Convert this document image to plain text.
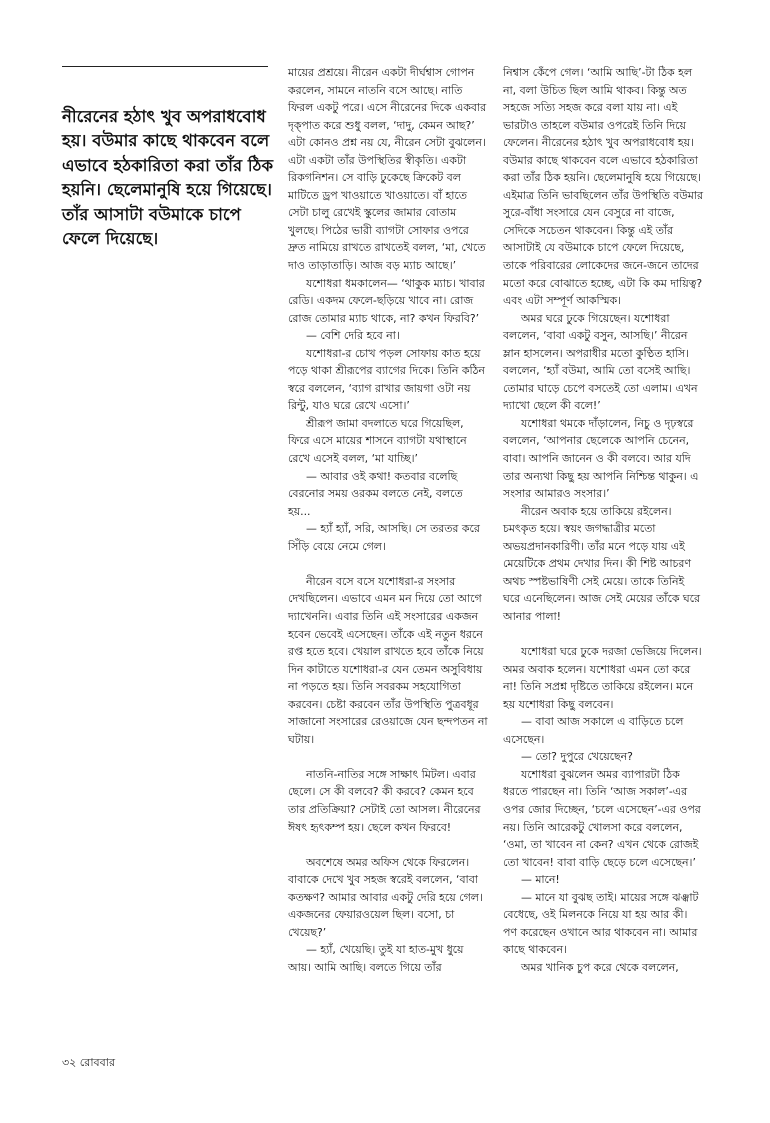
নীরেনের হঠাৎ খুব অপরাধবোধ হয়। বউমার কাছে থাকবেন বলে এভাবে হঠকারিতা করা তাঁর ঠিক হয়নি। ছেলেমানুষি হয়ে গিয়েছে। তাঁর আসাটা বউমাকে চাপে ফেলে দিয়েছে।

মায়ের প্রশ্রয়ে। নীরেন একটা দীর্ঘশ্বাস গোপন করলেন, সামনে নাতনি বসে আছে। নাতি ফিরল একটু পরে। এসে নীরেনের দিকে একবার দৃক্‌পাত করে শুধু বলল, ‘দাদু, কেমন আছ?’ এটা কোনও প্রশ্ন নয় যে, নীরেন সেটা বুঝলেন। এটা একটা তাঁর উপস্থিতির স্বীকৃতি। একটা রিকগনিশন। সে বাড়ি ঢুকেছে ক্রিকেট বল মাটিতে ড্রপ খাওয়াতে খাওয়াতে। বাঁ হাতে সেটা চালু রেখেই স্কুলের জামার বোতাম খুলছে। পিঠের ভারী ব্যাগটা সোফার ওপরে দ্রুত নামিয়ে রাখতে রাখতেই বলল, ‘মা, খেতে দাও তাড়াতাড়ি। আজ বড় ম্যাচ আছে।’

যশোধরা ধমকালেন— ‘থাকুক ম্যাচ। খাবার রেডি। একদম ফেলে-ছড়িয়ে খাবে না। রোজ রোজ তোমার ম্যাচ থাকে, না? কখন ফিরবি?’

— বেশি দেরি হবে না।

যশোধরা-র চোখ পড়ল সোফায় কাত হয়ে পড়ে থাকা শ্রীরূপের ব্যাগের দিকে। তিনি কঠিন স্বরে বললেন, ‘ব্যাগ রাখার জায়গা ওটা নয় রিন্টু, যাও ঘরে রেখে এসো।’

শ্রীরূপ জামা বদলাতে ঘরে গিয়েছিল, ফিরে এসে মায়ের শাসনে ব্যাগটা যথাস্থানে রেখে এসেই বলল, ‘মা যাচ্ছি।’

— আবার ওই কথা! কতবার বলেছি বেরনোর সময় ওরকম বলতে নেই, বলতে হয়...

— হ্যাঁ হ্যাঁ, সরি, আসছি। সে তরতর করে সিঁড়ি বেয়ে নেমে গেল।

নীরেন বসে বসে যশোধরা-র সংসার দেখছিলেন। এভাবে এমন মন দিয়ে তো আগে দ্যাখেননি। এবার তিনি এই সংসারের একজন হবেন ভেবেই এসেছেন। তাঁকে এই নতুন ধরনে রপ্ত হতে হবে। খেয়াল রাখতে হবে তাঁকে নিয়ে দিন কাটাতে যশোধরা-র যেন তেমন অসুবিধায় না পড়তে হয়। তিনি সবরকম সহযোগিতা করবেন। চেষ্টা করবেন তাঁর উপস্থিতি পুত্রবধূর সাজানো সংসারের রেওয়াজে যেন ছন্দপতন না ঘটায়।

নাতনি-নাতির সঙ্গে সাক্ষাৎ মিটল। এবার ছেলে। সে কী বলবে? কী করবে? কেমন হবে তার প্রতিক্রিয়া? সেটাই তো আসল। নীরেনের ঈষৎ হৃৎকম্প হয়। ছেলে কখন ফিরবে!

অবশেষে অমর অফিস থেকে ফিরলেন। বাবাকে দেখে খুব সহজ স্বরেই বললেন, ‘বাবা কতক্ষণ? আমার আবার একটু দেরি হয়ে গেল। একজনের ফেয়ারওয়েল ছিল। বসো, চা খেয়েছ?’

— হ্যাঁ, খেয়েছি। তুই যা হাত-মুখ ধুয়ে আয়। আমি আছি। বলতে গিয়ে তাঁর

নিশ্বাস কেঁপে গেল। ‘আমি আছি’-টা ঠিক হল না, বলা উচিত ছিল আমি থাকব। কিন্তু অত সহজে সত্যি সহজ করে বলা যায় না। এই ভারটাও তাহলে বউমার ওপরেই তিনি দিয়ে ফেলেন। নীরেনের হঠাৎ খুব অপরাধবোধ হয়। বউমার কাছে থাকবেন বলে এভাবে হঠকারিতা করা তাঁর ঠিক হয়নি। ছেলেমানুষি হয়ে গিয়েছে। এইমাত্র তিনি ভাবছিলেন তাঁর উপস্থিতি বউমার সুরে-বাঁধা সংসারে যেন বেসুরে না বাজে, সেদিকে সচেতন থাকবেন। কিন্তু এই তাঁর আসাটাই যে বউমাকে চাপে ফেলে দিয়েছে, তাকে পরিবারের লোকেদের জনে-জনে তাদের মতো করে বোঝাতে হচ্ছে, এটা কি কম দায়িত্ব? এবং এটা সম্পূর্ণ আকস্মিক।

অমর ঘরে ঢুকে গিয়েছেন। যশোধরা বললেন, ‘বাবা একটু বসুন, আসছি।’ নীরেন ম্লান হাসলেন। অপরাধীর মতো কুণ্ঠিত হাসি। বললেন, ‘হ্যাঁ বউমা, আমি তো বসেই আছি। তোমার ঘাড়ে চেপে বসতেই তো এলাম। এখন দ্যাখো ছেলে কী বলে!’

যশোধরা থমকে দাঁড়ালেন, নিচু ও দৃঢ়স্বরে বললেন, ‘আপনার ছেলেকে আপনি চেনেন, বাবা। আপনি জানেন ও কী বলবে। আর যদি তার অন্যথা কিছু হয় আপনি নিশ্চিন্ত থাকুন। এ সংসার আমারও সংসার।’

নীরেন অবাক হয়ে তাকিয়ে রইলেন। চমৎকৃত হয়ে। স্বয়ং জগদ্ধাত্রীর মতো অভয়প্রদানকারিণী। তাঁর মনে পড়ে যায় এই মেয়েটিকে প্রথম দেখার দিন। কী শিষ্ট আচরণ অথচ স্পষ্টভাষিণী সেই মেয়ে। তাকে তিনিই ঘরে এনেছিলেন। আজ সেই মেয়ের তাঁকে ঘরে আনার পালা!

যশোধরা ঘরে ঢুকে দরজা ভেজিয়ে দিলেন। অমর অবাক হলেন। যশোধরা এমন তো করে না! তিনি সপ্রশ্ন দৃষ্টিতে তাকিয়ে রইলেন। মনে হয় যশোধরা কিছু বলবেন।

— বাবা আজ সকালে এ বাড়িতে চলে এসেছেন।

— তো? দুপুরে খেয়েছেন?

যশোধরা বুঝলেন অমর ব্যাপারটা ঠিক ধরতে পারছেন না। তিনি ‘আজ সকাল’-এর ওপর জোর দিচ্ছেন, ‘চলে এসেছেন’-এর ওপর নয়। তিনি আরেকটু খোলসা করে বললেন, ‘ওমা, তা খাবেন না কেন? এখন থেকে রোজই তো খাবেন! বাবা বাড়ি ছেড়ে চলে এসেছেন।’

— মানে!

— মানে যা বুঝছ তাই। মায়ের সঙ্গে ঝঞ্ঝাট বেধেছে, ওই মিলনকে নিয়ে যা হয় আর কী। পণ করেছেন ওখানে আর থাকবেন না। আমার কাছে থাকবেন।

অমর খানিক চুপ করে থেকে বললেন,

৩২ রোববার
